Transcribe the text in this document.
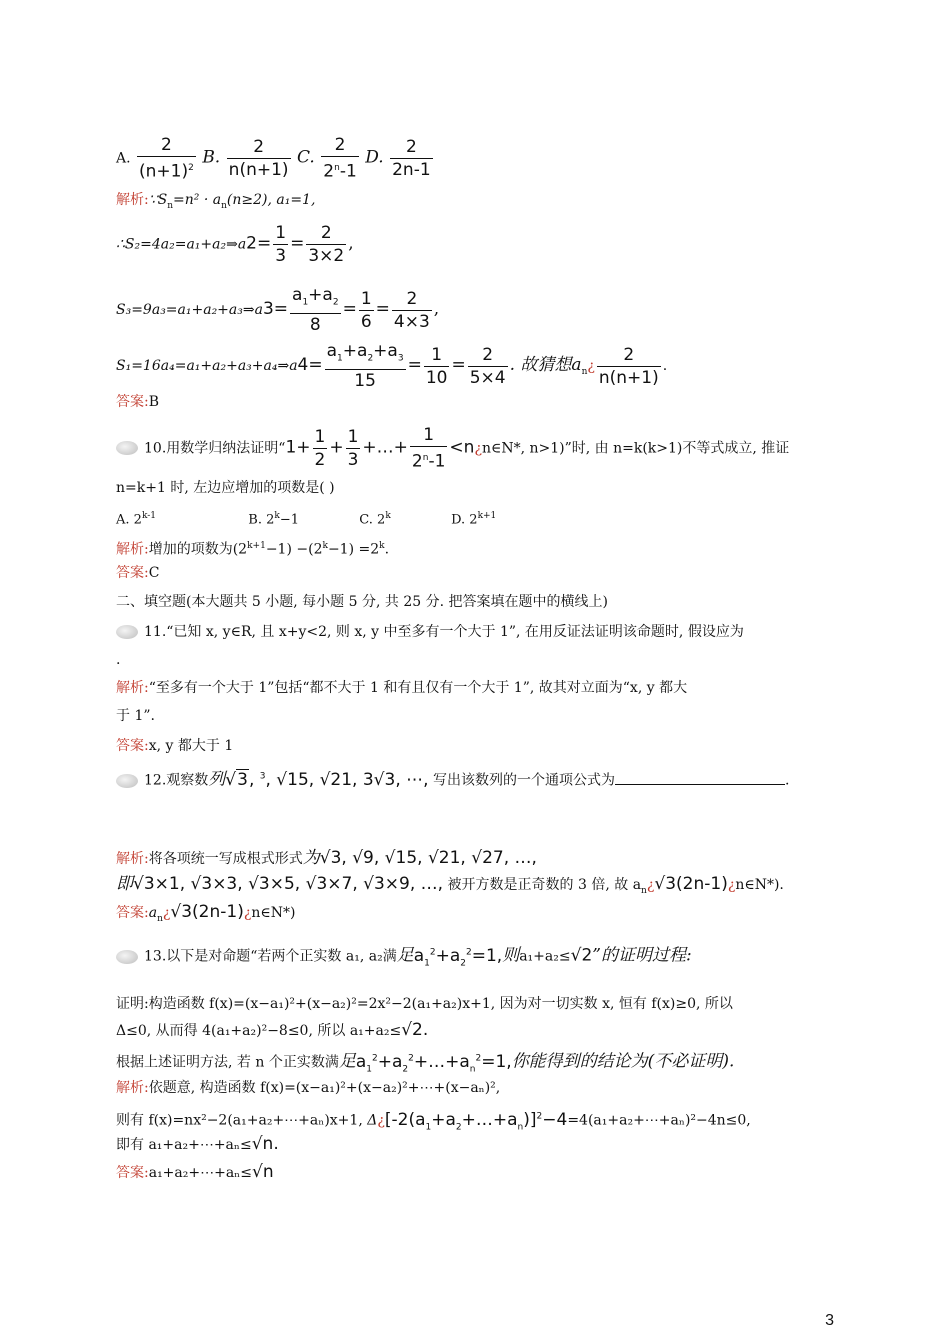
A. $\frac{2}{(n+1)^2} B$. $\frac{2}{n(n+1)} C$. $\frac{2}{2^n-1} D$. $\frac{2}{2n-1}$
解析$:\because S_n=n^2 \cdot a_n(n\ge 2)$, a₁=1,
∴S₂=4a₂=a₁+a₂⇒a2= $\frac{1}{3} = \frac{2}{3\times 2}$ ,
S₃=9a₃=a₁+a₂+a₃⇒a3= $\frac{a_1+a_2}{8} = \frac{1}{6} = \frac{2}{4\times 3}$ ,
S₁=16a₄=a₁+a₂+a₃+a₄⇒a4= $\frac{a_1+a_2+a_3}{15} = \frac{1}{10} = \frac{2}{5\times 4}$ . 故猜想$a_n¿ \frac{2}{n(n+1)}$ .
答案:B
10.用数学归纳法证明“$1+ \frac{1}{2} + \frac{1}{3}$ +…+ $\frac{1}{2^n-1}$ <n¿n∈N*, n>1)”时, 由 n=k(k>1)不等式成立, 推证
n=k+1 时, 左边应增加的项数是( )
A. 2$^{k-1}$	B. $2^k-1$	C. 2$^k$	D. $2^{k+1}$
解析:增加的项数为$(2^{k+1}-1) -(2^k-1) =2^k$.
答案:C
二、填空题(本大题共 5 小题, 每小题 5 分, 共 25 分. 把答案填在题中的横线上)
11.“已知 x, y∈R, 且 x+y<2, 则 x, y 中至多有一个大于 1”, 在用反证法证明该命题时, 假设应为
.
解析:“至多有一个大于 1”包括“都不大于 1 和有且仅有一个大于 1”, 故其对立面为“x, y 都大
于 1”.
答案:x, y 都大于 1
12.观察数列√3, $^3$, √15, √21, 3√3, ⋯, 写出该数列的一个通项公式为	.
解析:将各项统一写成根式形式为√3, √9, √15, √21, √27, …,
即√3×1, √3×3, √3×5, √3×7, √3×9, …, 被开方数是正奇数的 3 倍, 故 $a_n¿√3(2n-1)¿n\in N*$).
答案$:a_n¿√3(2n-1)¿n\in N*$)
13.以下是对命题“若两个正实数 a₁, a₂满足$a_1^2+a_2^2=1$,则a₁+a₂≤√2”的证明过程:
证明:构造函数 f(x)=(x−a₁)²+(x−a₂)²=2x²−2(a₁+a₂)x+1, 因为对一切实数 x, 恒有 f(x)≥0, 所以
Δ≤0, 从而得 4(a₁+a₂)²−8≤0, 所以 a₁+a₂≤√2.
根据上述证明方法, 若 n 个正实数满足$a_1^2+a_2^2+\dots+a_n^2=1$,你能得到的结论为(不必证明).
解析:依题意, 构造函数 f(x)=(x−a₁)²+(x−a₂)²+⋯+(x−aₙ)²,
则有 f(x)=nx²−2(a₁+a₂+⋯+aₙ)x+1, $\Delta¿[-2(a_1+a_2+\dots+a_n)]^2-4=4(a_1+a_2+\cdots+a_n)^2-4n\le 0$,
即有 a₁+a₂+⋯+aₙ≤√n.
答案:a₁+a₂+⋯+aₙ≤√n
3
